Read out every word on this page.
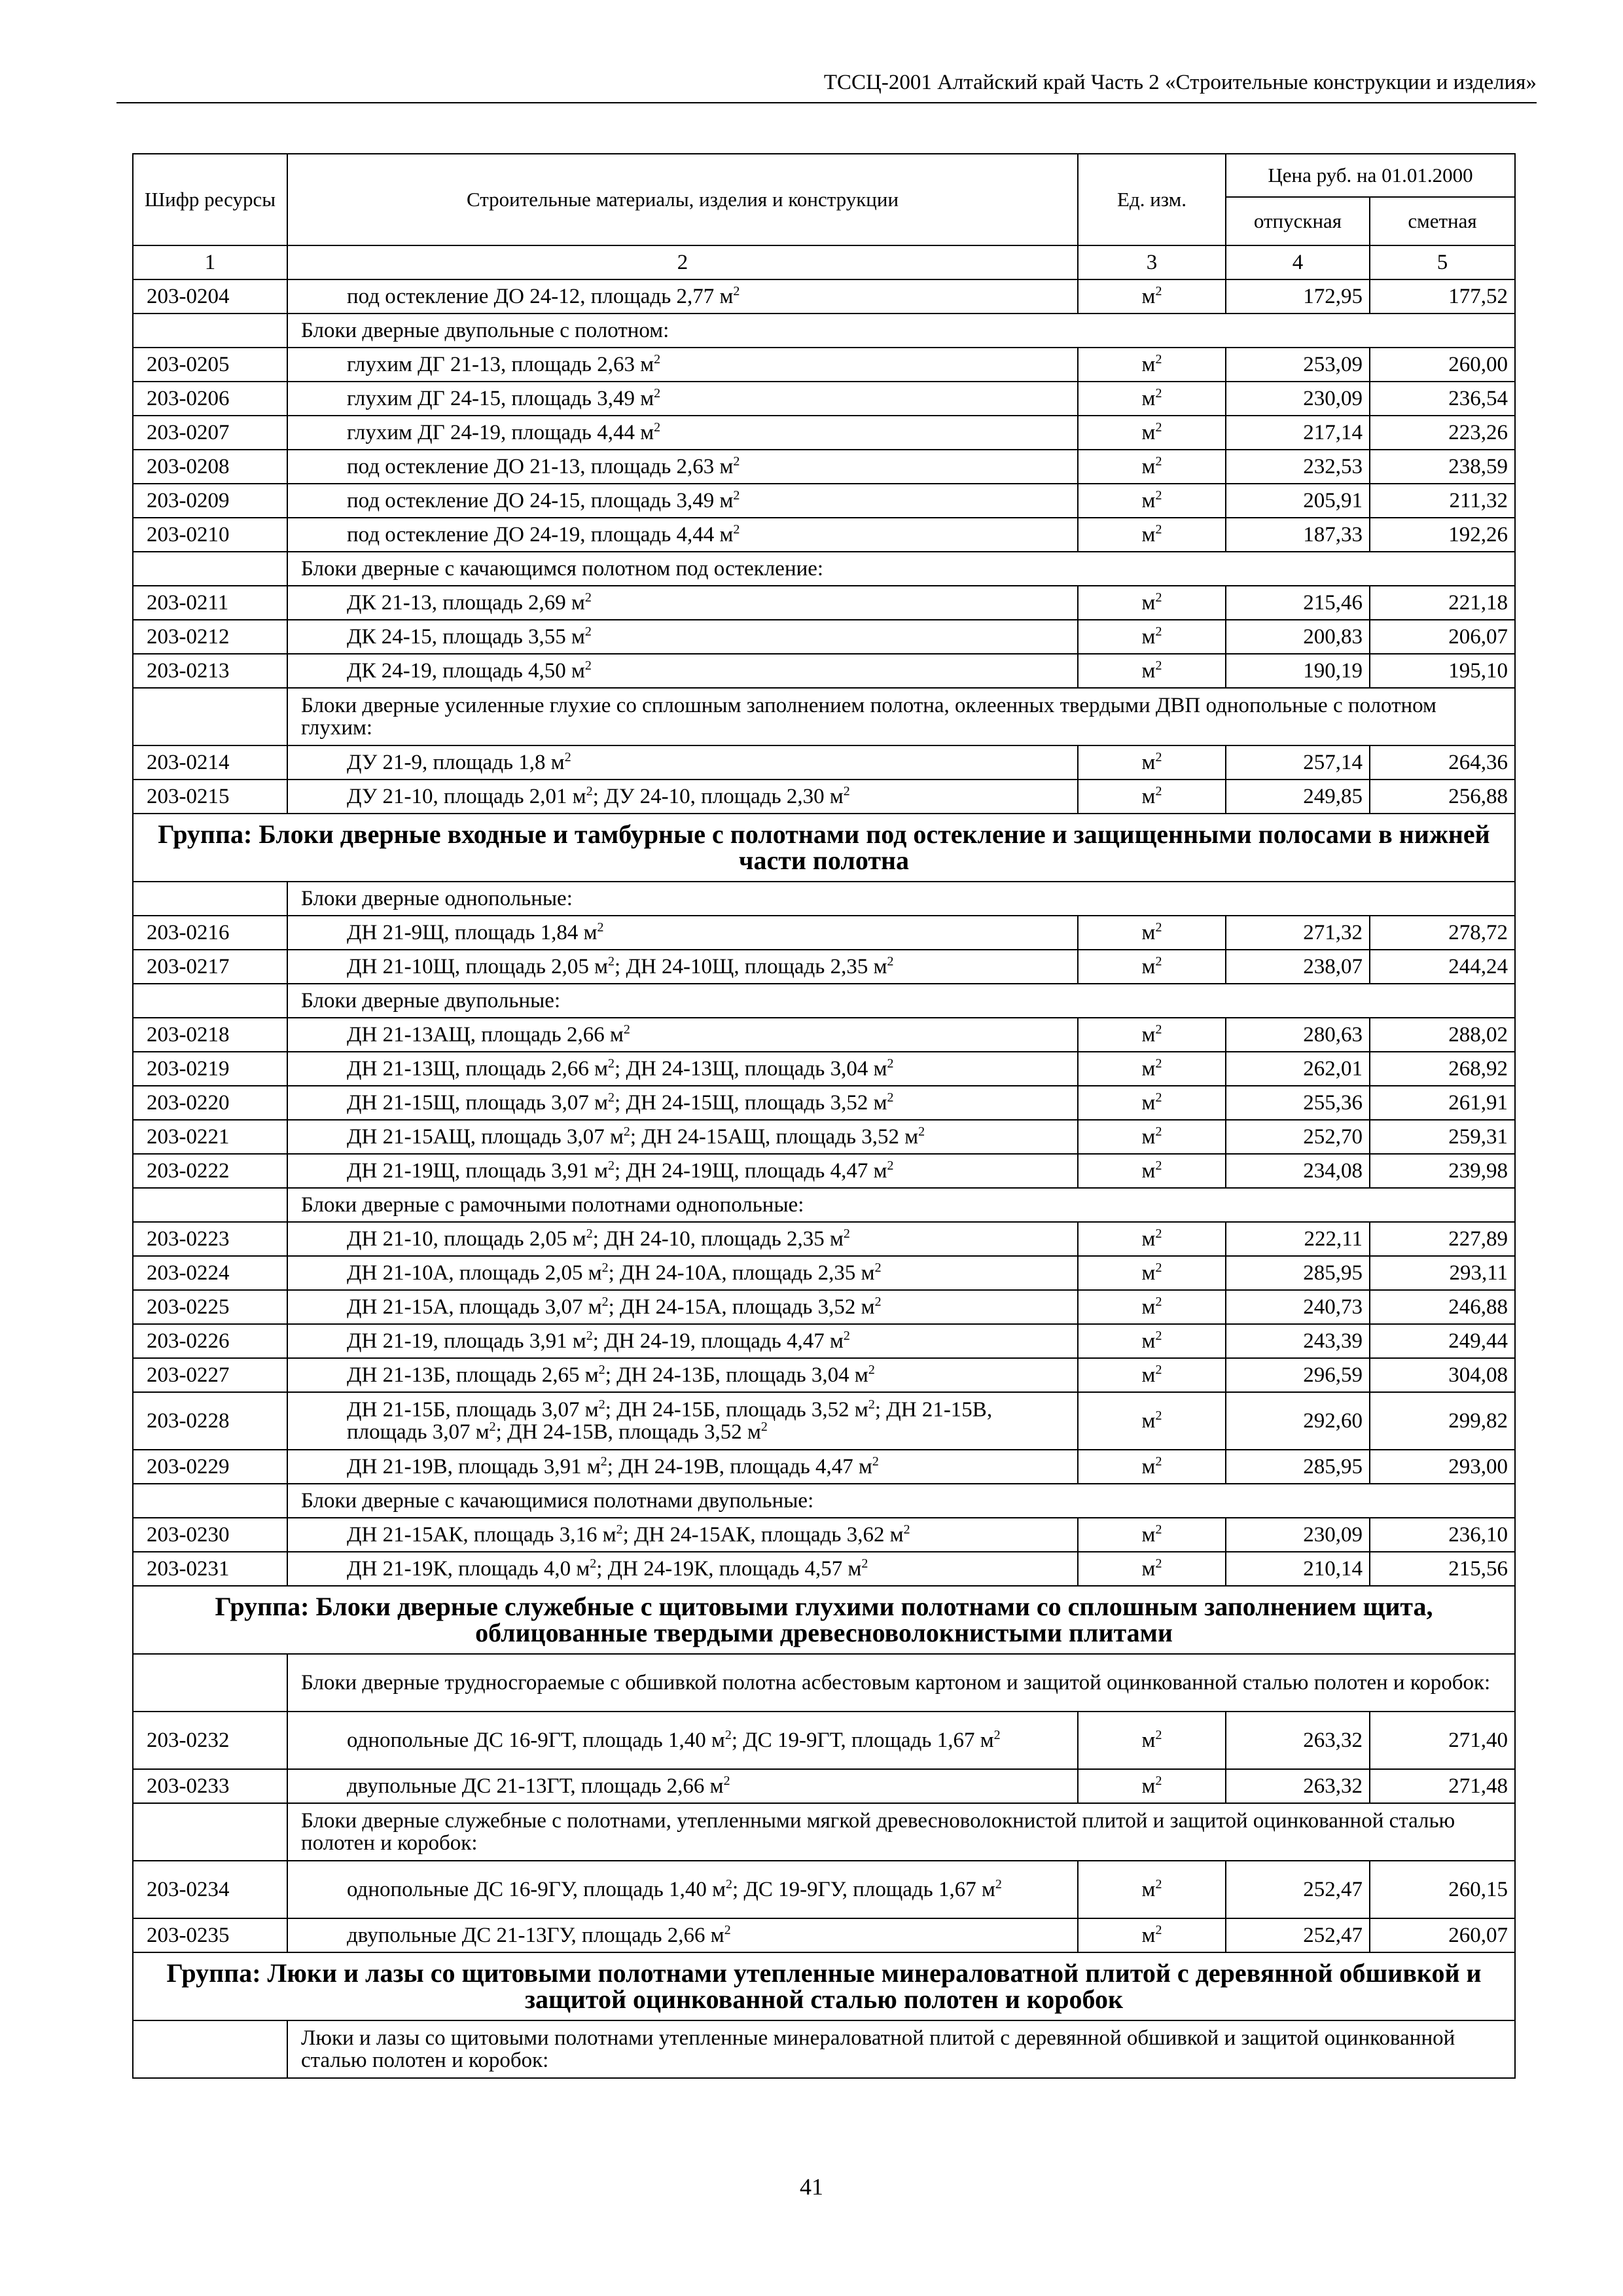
ТССЦ-2001 Алтайский край Часть 2 «Строительные конструкции и изделия»
Шифр ресурсы	Строительные материалы, изделия и конструкции	Ед. изм.	Цена руб. на 01.01.2000	
			отпускная	сметная
1	2	3	4	5
203-0204	под остекление ДО 24-12, площадь 2,77 $м^2$	$м^2$	172,95	177,52
	Блоки дверные двупольные с полотном:			
203-0205	глухим ДГ 21-13, площадь 2,63 $м^2$	$м^2$	253,09	260,00
203-0206	глухим ДГ 24-15, площадь 3,49 $м^2$	$м^2$	230,09	236,54
203-0207	глухим ДГ 24-19, площадь 4,44 $м^2$	$м^2$	217,14	223,26
203-0208	под остекление ДО 21-13, площадь 2,63 $м^2$	$м^2$	232,53	238,59
203-0209	под остекление ДО 24-15, площадь 3,49 $м^2$	$м^2$	205,91	211,32
203-0210	под остекление ДО 24-19, площадь 4,44 $м^2$	$м^2$	187,33	192,26
	Блоки дверные с качающимся полотном под остекление:			
203-0211	ДК 21-13, площадь 2,69 $м^2$	$м^2$	215,46	221,18
203-0212	ДК 24-15, площадь 3,55 $м^2$	$м^2$	200,83	206,07
203-0213	ДК 24-19, площадь 4,50 $м^2$	$м^2$	190,19	195,10
	Блоки дверные усиленные глухие со сплошным заполнением полотна, оклеенных твердыми ДВП однопольные с полотном глухим:			
203-0214	ДУ 21-9, площадь 1,8 $м^2$	$м^2$	257,14	264,36
203-0215	ДУ 21-10, площадь 2,01 $м^2$; ДУ 24-10, площадь 2,30 $м^2$	$м^2$	249,85	256,88
Группа: Блоки дверные входные и тамбурные с полотнами под остекление и защищенными полосами в нижней части полотна				
	Блоки дверные однопольные:			
203-0216	ДН 21-9Щ, площадь 1,84 $м^2$	$м^2$	271,32	278,72
203-0217	ДН 21-10Щ, площадь 2,05 $м^2$; ДН 24-10Щ, площадь 2,35 $м^2$	$м^2$	238,07	244,24
	Блоки дверные двупольные:			
203-0218	ДН 21-13АЩ, площадь 2,66 $м^2$	$м^2$	280,63	288,02
203-0219	ДН 21-13Щ, площадь 2,66 $м^2$; ДН 24-13Щ, площадь 3,04 $м^2$	$м^2$	262,01	268,92
203-0220	ДН 21-15Щ, площадь 3,07 $м^2$; ДН 24-15Щ, площадь 3,52 $м^2$	$м^2$	255,36	261,91
203-0221	ДН 21-15АЩ, площадь 3,07 $м^2$; ДН 24-15АЩ, площадь 3,52 $м^2$	$м^2$	252,70	259,31
203-0222	ДН 21-19Щ, площадь 3,91 $м^2$; ДН 24-19Щ, площадь 4,47 $м^2$	$м^2$	234,08	239,98
	Блоки дверные с рамочными полотнами однопольные:			
203-0223	ДН 21-10, площадь 2,05 $м^2$; ДН 24-10, площадь 2,35 $м^2$	$м^2$	222,11	227,89
203-0224	ДН 21-10А, площадь 2,05 $м^2$; ДН 24-10А, площадь 2,35 $м^2$	$м^2$	285,95	293,11
203-0225	ДН 21-15А, площадь 3,07 $м^2$; ДН 24-15А, площадь 3,52 $м^2$	$м^2$	240,73	246,88
203-0226	ДН 21-19, площадь 3,91 $м^2$; ДН 24-19, площадь 4,47 $м^2$	$м^2$	243,39	249,44
203-0227	ДН 21-13Б, площадь 2,65 $м^2$; ДН 24-13Б, площадь 3,04 $м^2$	$м^2$	296,59	304,08
203-0228	ДН 21-15Б, площадь 3,07 $м^2$; ДН 24-15Б, площадь 3,52 $м^2$; ДН 21-15В, площадь 3,07 $м^2$; ДН 24-15В, площадь 3,52 $м^2$	$м^2$	292,60	299,82
203-0229	ДН 21-19В, площадь 3,91 $м^2$; ДН 24-19В, площадь 4,47 $м^2$	$м^2$	285,95	293,00
	Блоки дверные с качающимися полотнами двупольные:			
203-0230	ДН 21-15АК, площадь 3,16 $м^2$; ДН 24-15АК, площадь 3,62 $м^2$	$м^2$	230,09	236,10
203-0231	ДН 21-19К, площадь 4,0 $м^2$; ДН 24-19К, площадь 4,57 $м^2$	$м^2$	210,14	215,56
Группа: Блоки дверные служебные с щитовыми глухими полотнами со сплошным заполнением щита, облицованные твердыми древесноволокнистыми плитами				
	Блоки дверные трудносгораемые с обшивкой полотна асбестовым картоном и защитой оцинкованной сталью полотен и коробок:			
203-0232	однопольные ДС 16-9ГТ, площадь 1,40 $м^2$; ДС 19-9ГТ, площадь 1,67 $м^2$	$м^2$	263,32	271,40
203-0233	двупольные ДС 21-13ГТ, площадь 2,66 $м^2$	$м^2$	263,32	271,48
	Блоки дверные служебные с полотнами, утепленными мягкой древесноволокнистой плитой и защитой оцинкованной сталью полотен и коробок:			
203-0234	однопольные ДС 16-9ГУ, площадь 1,40 $м^2$; ДС 19-9ГУ, площадь 1,67 $м^2$	$м^2$	252,47	260,15
203-0235	двупольные ДС 21-13ГУ, площадь 2,66 $м^2$	$м^2$	252,47	260,07
Группа: Люки и лазы со щитовыми полотнами утепленные минераловатной плитой с деревянной обшивкой и защитой оцинкованной сталью полотен и коробок				
	Люки и лазы со щитовыми полотнами утепленные минераловатной плитой с деревянной обшивкой и защитой оцинкованной сталью полотен и коробок:			
41
